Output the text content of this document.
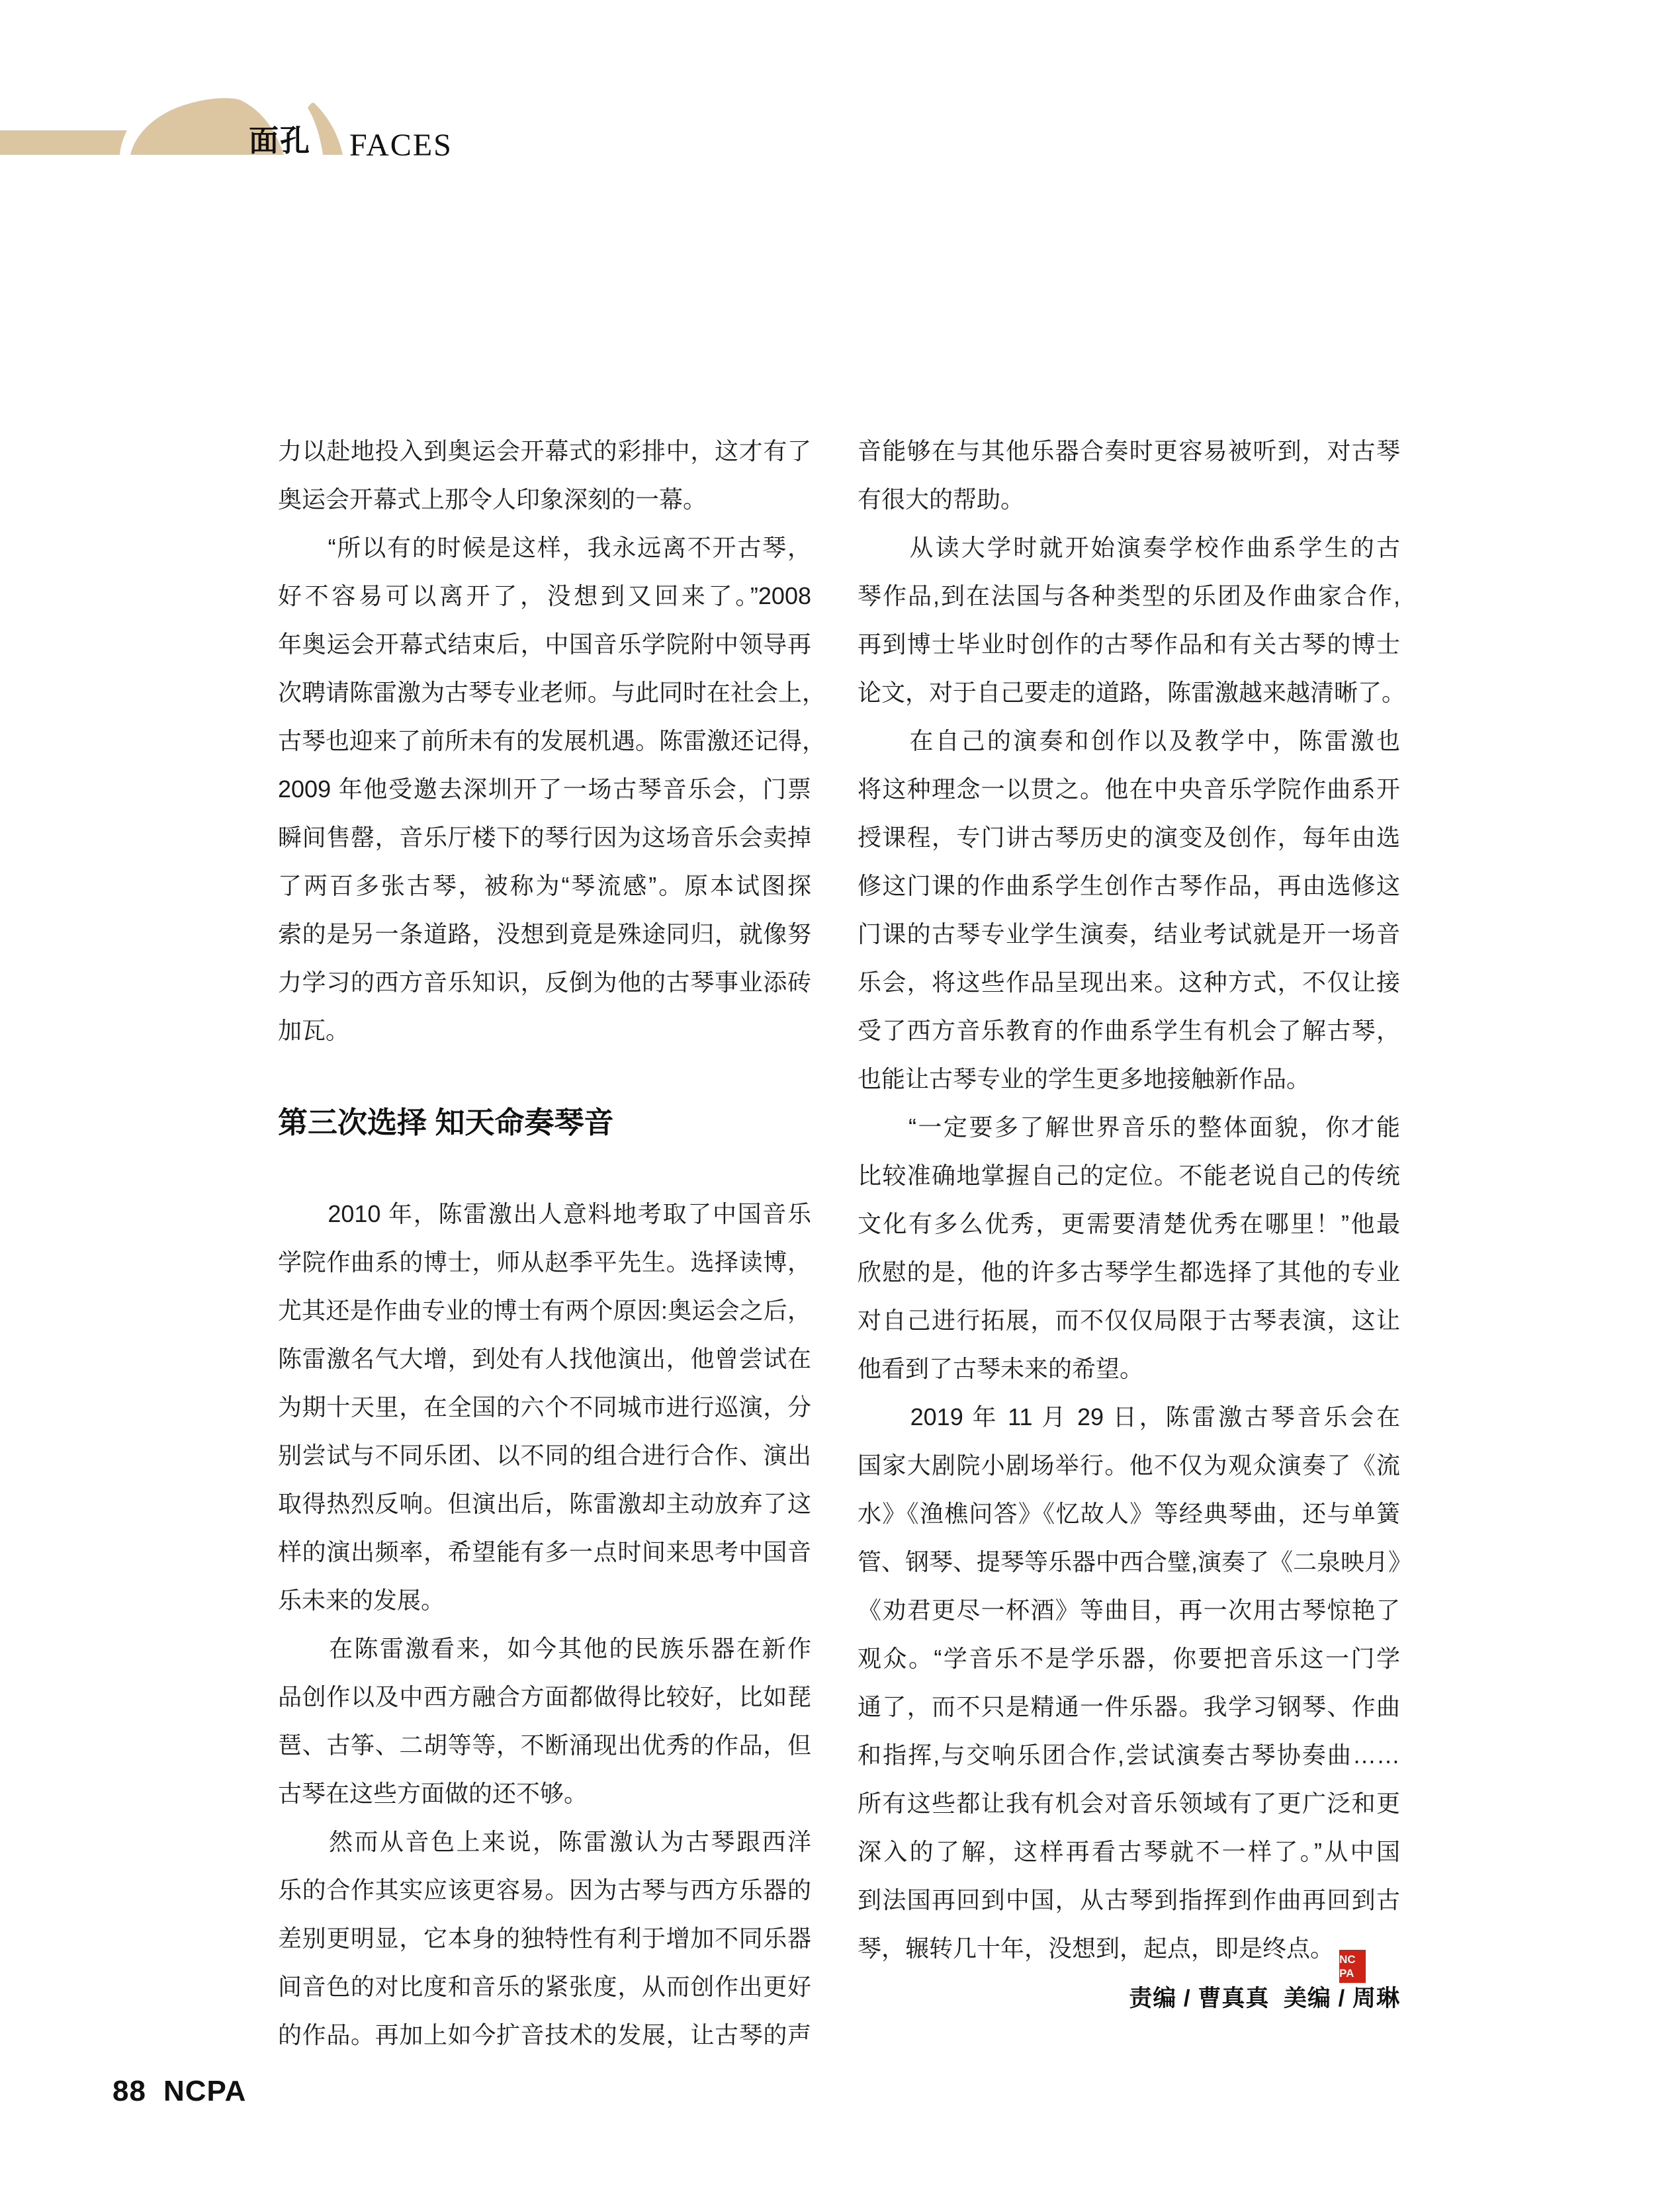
面孔 FACES
力以赴地投入到奥运会开幕式的彩排中，这才有了
奥运会开幕式上那令人印象深刻的一幕。
　　“所以有的时候是这样，我永远离不开古琴，
好不容易可以离开了，没想到又回来了。”2008
年奥运会开幕式结束后，中国音乐学院附中领导再
次聘请陈雷激为古琴专业老师。与此同时在社会上，
古琴也迎来了前所未有的发展机遇。陈雷激还记得，
2009 年他受邀去深圳开了一场古琴音乐会，门票
瞬间售罄，音乐厅楼下的琴行因为这场音乐会卖掉
了两百多张古琴，被称为“琴流感”。原本试图探
索的是另一条道路，没想到竟是殊途同归，就像努
力学习的西方音乐知识，反倒为他的古琴事业添砖
加瓦。
第三次选择 知天命奏琴音
　　2010 年，陈雷激出人意料地考取了中国音乐
学院作曲系的博士，师从赵季平先生。选择读博，
尤其还是作曲专业的博士有两个原因:奥运会之后，
陈雷激名气大增，到处有人找他演出，他曾尝试在
为期十天里，在全国的六个不同城市进行巡演，分
别尝试与不同乐团、以不同的组合进行合作、演出
取得热烈反响。但演出后，陈雷激却主动放弃了这
样的演出频率，希望能有多一点时间来思考中国音
乐未来的发展。
　　在陈雷激看来，如今其他的民族乐器在新作
品创作以及中西方融合方面都做得比较好，比如琵
琶、古筝、二胡等等，不断涌现出优秀的作品，但
古琴在这些方面做的还不够。
　　然而从音色上来说，陈雷激认为古琴跟西洋
乐的合作其实应该更容易。因为古琴与西方乐器的
差别更明显，它本身的独特性有利于增加不同乐器
间音色的对比度和音乐的紧张度，从而创作出更好
的作品。再加上如今扩音技术的发展，让古琴的声
音能够在与其他乐器合奏时更容易被听到，对古琴
有很大的帮助。
　　从读大学时就开始演奏学校作曲系学生的古
琴作品,到在法国与各种类型的乐团及作曲家合作,
再到博士毕业时创作的古琴作品和有关古琴的博士
论文，对于自己要走的道路，陈雷激越来越清晰了。
　　在自己的演奏和创作以及教学中，陈雷激也
将这种理念一以贯之。他在中央音乐学院作曲系开
授课程，专门讲古琴历史的演变及创作，每年由选
修这门课的作曲系学生创作古琴作品，再由选修这
门课的古琴专业学生演奏，结业考试就是开一场音
乐会，将这些作品呈现出来。这种方式，不仅让接
受了西方音乐教育的作曲系学生有机会了解古琴，
也能让古琴专业的学生更多地接触新作品。
　　“一定要多了解世界音乐的整体面貌，你才能
比较准确地掌握自己的定位。不能老说自己的传统
文化有多么优秀，更需要清楚优秀在哪里！”他最
欣慰的是，他的许多古琴学生都选择了其他的专业
对自己进行拓展，而不仅仅局限于古琴表演，这让
他看到了古琴未来的希望。
　　2019 年 11 月 29 日，陈雷激古琴音乐会在
国家大剧院小剧场举行。他不仅为观众演奏了《流
水》《渔樵问答》《忆故人》等经典琴曲，还与单簧
管、钢琴、提琴等乐器中西合璧,演奏了《二泉映月》
《劝君更尽一杯酒》等曲目，再一次用古琴惊艳了
观众。“学音乐不是学乐器，你要把音乐这一门学
通了，而不只是精通一件乐器。我学习钢琴、作曲
和指挥,与交响乐团合作,尝试演奏古琴协奏曲……
所有这些都让我有机会对音乐领域有了更广泛和更
深入的了解，这样再看古琴就不一样了。”从中国
到法国再回到中国，从古琴到指挥到作曲再回到古
琴，辗转几十年，没想到，起点，即是终点。 NC
PA
责编 / 曹真真  美编 / 周琳
88 NCPA
